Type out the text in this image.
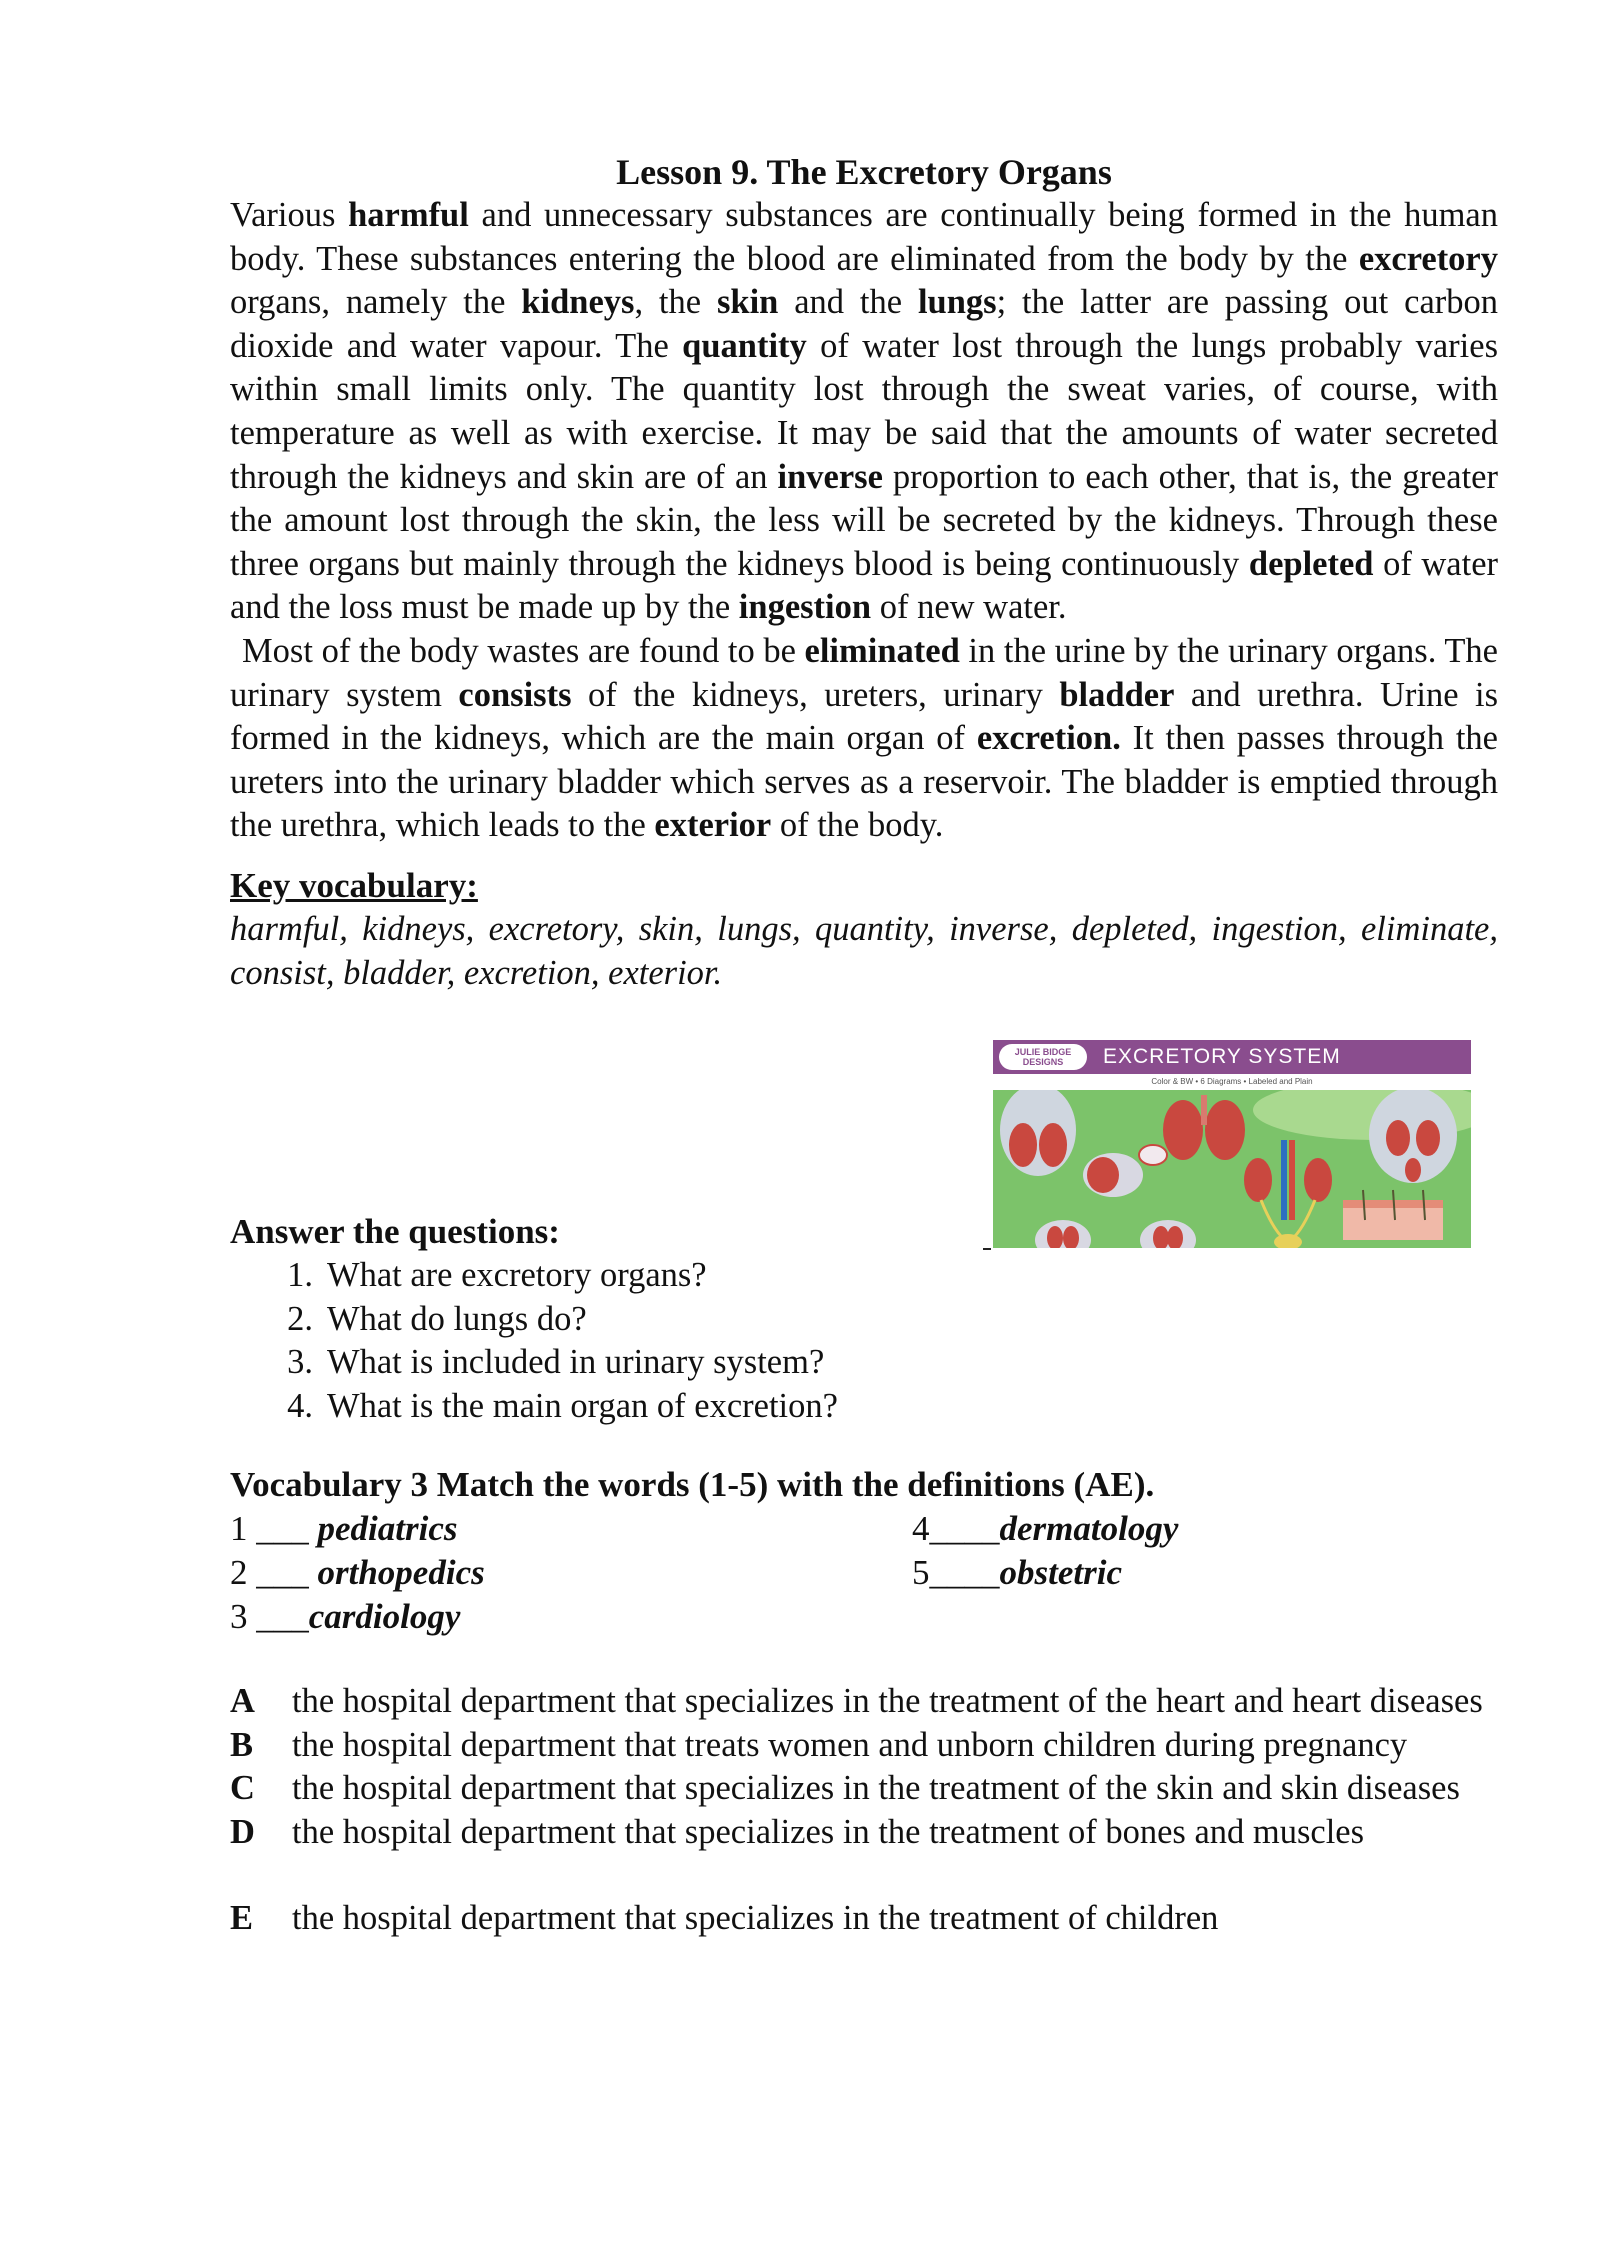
Lesson 9. The Excretory Organs

Various harmful and unnecessary substances are continually being formed in the human body. These substances entering the blood are eliminated from the body by the excretory organs, namely the kidneys, the skin and the lungs; the latter are passing out carbon dioxide and water vapour. The quantity of water lost through the lungs probably varies within small limits only. The quantity lost through the sweat varies, of course, with temperature as well as with exercise. It may be said that the amounts of water secreted through the kidneys and skin are of an inverse proportion to each other, that is, the greater the amount lost through the skin, the less will be secreted by the kidneys. Through these three organs but mainly through the kidneys blood is being continuously depleted of water and the loss must be made up by the ingestion of new water.

Most of the body wastes are found to be eliminated in the urine by the urinary organs. The urinary system consists of the kidneys, ureters, urinary bladder and urethra. Urine is formed in the kidneys, which are the main organ of excretion. It then passes through the ureters into the urinary bladder which serves as a reservoir. The bladder is emptied through the urethra, which leads to the exterior of the body.

Key vocabulary:

harmful, kidneys, excretory, skin, lungs, quantity, inverse, depleted, ingestion, eliminate, consist, bladder, excretion, exterior.

JULIE BIDGE DESIGNS	EXCRETORY SYSTEM
Color & BW • 6 Diagrams • Labeled and Plain
Answer the questions:
1. What are excretory organs?
2. What do lungs do?
3. What is included in urinary system?
4. What is the main organ of excretion?
Vocabulary 3 Match the words (1-5) with the definitions (AE).
1 ___ pediatrics
2 ___ orthopedics
3 ___cardiology
4____dermatology
5____obstetric

A the hospital department that specializes in the treatment of the heart and heart diseases

B the hospital department that treats women and unborn children during pregnancy

C the hospital department that specializes in the treatment of the skin and skin diseases

D the hospital department that specializes in the treatment of bones and muscles

E the hospital department that specializes in the treatment of children
